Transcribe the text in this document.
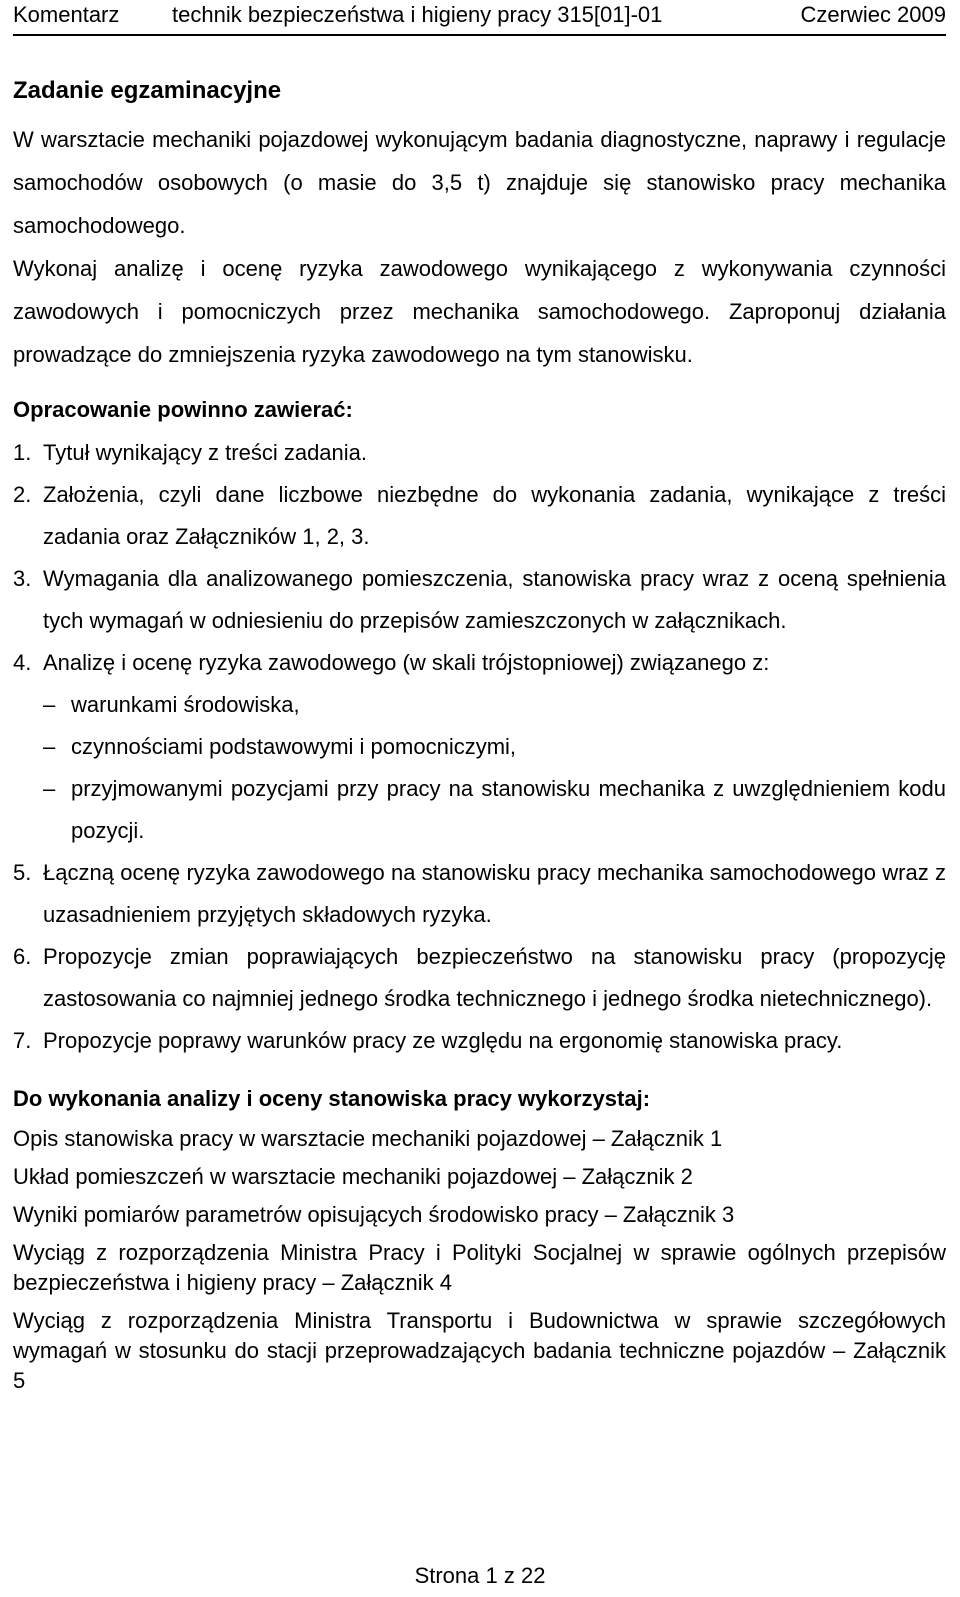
Komentarz technik bezpieczeństwa i higieny pracy 315[01]-01	Czerwiec 2009
Zadanie egzaminacyjne

W warsztacie mechaniki pojazdowej wykonującym badania diagnostyczne, naprawy i regulacje samochodów osobowych (o masie do 3,5 t) znajduje się stanowisko pracy mechanika samochodowego.

Wykonaj analizę i ocenę ryzyka zawodowego wynikającego z wykonywania czynności zawodowych i pomocniczych przez mechanika samochodowego. Zaproponuj działania prowadzące do zmniejszenia ryzyka zawodowego na tym stanowisku.

Opracowanie powinno zawierać:
1. Tytuł wynikający z treści zadania.
2. Założenia, czyli dane liczbowe niezbędne do wykonania zadania, wynikające z treści zadania oraz Załączników 1, 2, 3.
3. Wymagania dla analizowanego pomieszczenia, stanowiska pracy wraz z oceną spełnienia tych wymagań w odniesieniu do przepisów zamieszczonych w załącznikach.
4. Analizę i ocenę ryzyka zawodowego (w skali trójstopniowej) związanego z:
– warunkami środowiska,
– czynnościami podstawowymi i pomocniczymi,
– przyjmowanymi pozycjami przy pracy na stanowisku mechanika z uwzględnieniem kodu pozycji.
5. Łączną ocenę ryzyka zawodowego na stanowisku pracy mechanika samochodowego wraz z uzasadnieniem przyjętych składowych ryzyka.
6. Propozycje zmian poprawiających bezpieczeństwo na stanowisku pracy (propozycję zastosowania co najmniej jednego środka technicznego i jednego środka nietechnicznego).
7. Propozycje poprawy warunków pracy ze względu na ergonomię stanowiska pracy.
Do wykonania analizy i oceny stanowiska pracy wykorzystaj:

Opis stanowiska pracy w warsztacie mechaniki pojazdowej – Załącznik 1

Układ pomieszczeń w warsztacie mechaniki pojazdowej – Załącznik 2

Wyniki pomiarów parametrów opisujących środowisko pracy – Załącznik 3

Wyciąg z rozporządzenia Ministra Pracy i Polityki Socjalnej w sprawie ogólnych przepisów bezpieczeństwa i higieny pracy – Załącznik 4

Wyciąg z rozporządzenia Ministra Transportu i Budownictwa w sprawie szczegółowych wymagań w stosunku do stacji przeprowadzających badania techniczne pojazdów – Załącznik 5

Strona 1 z 22
